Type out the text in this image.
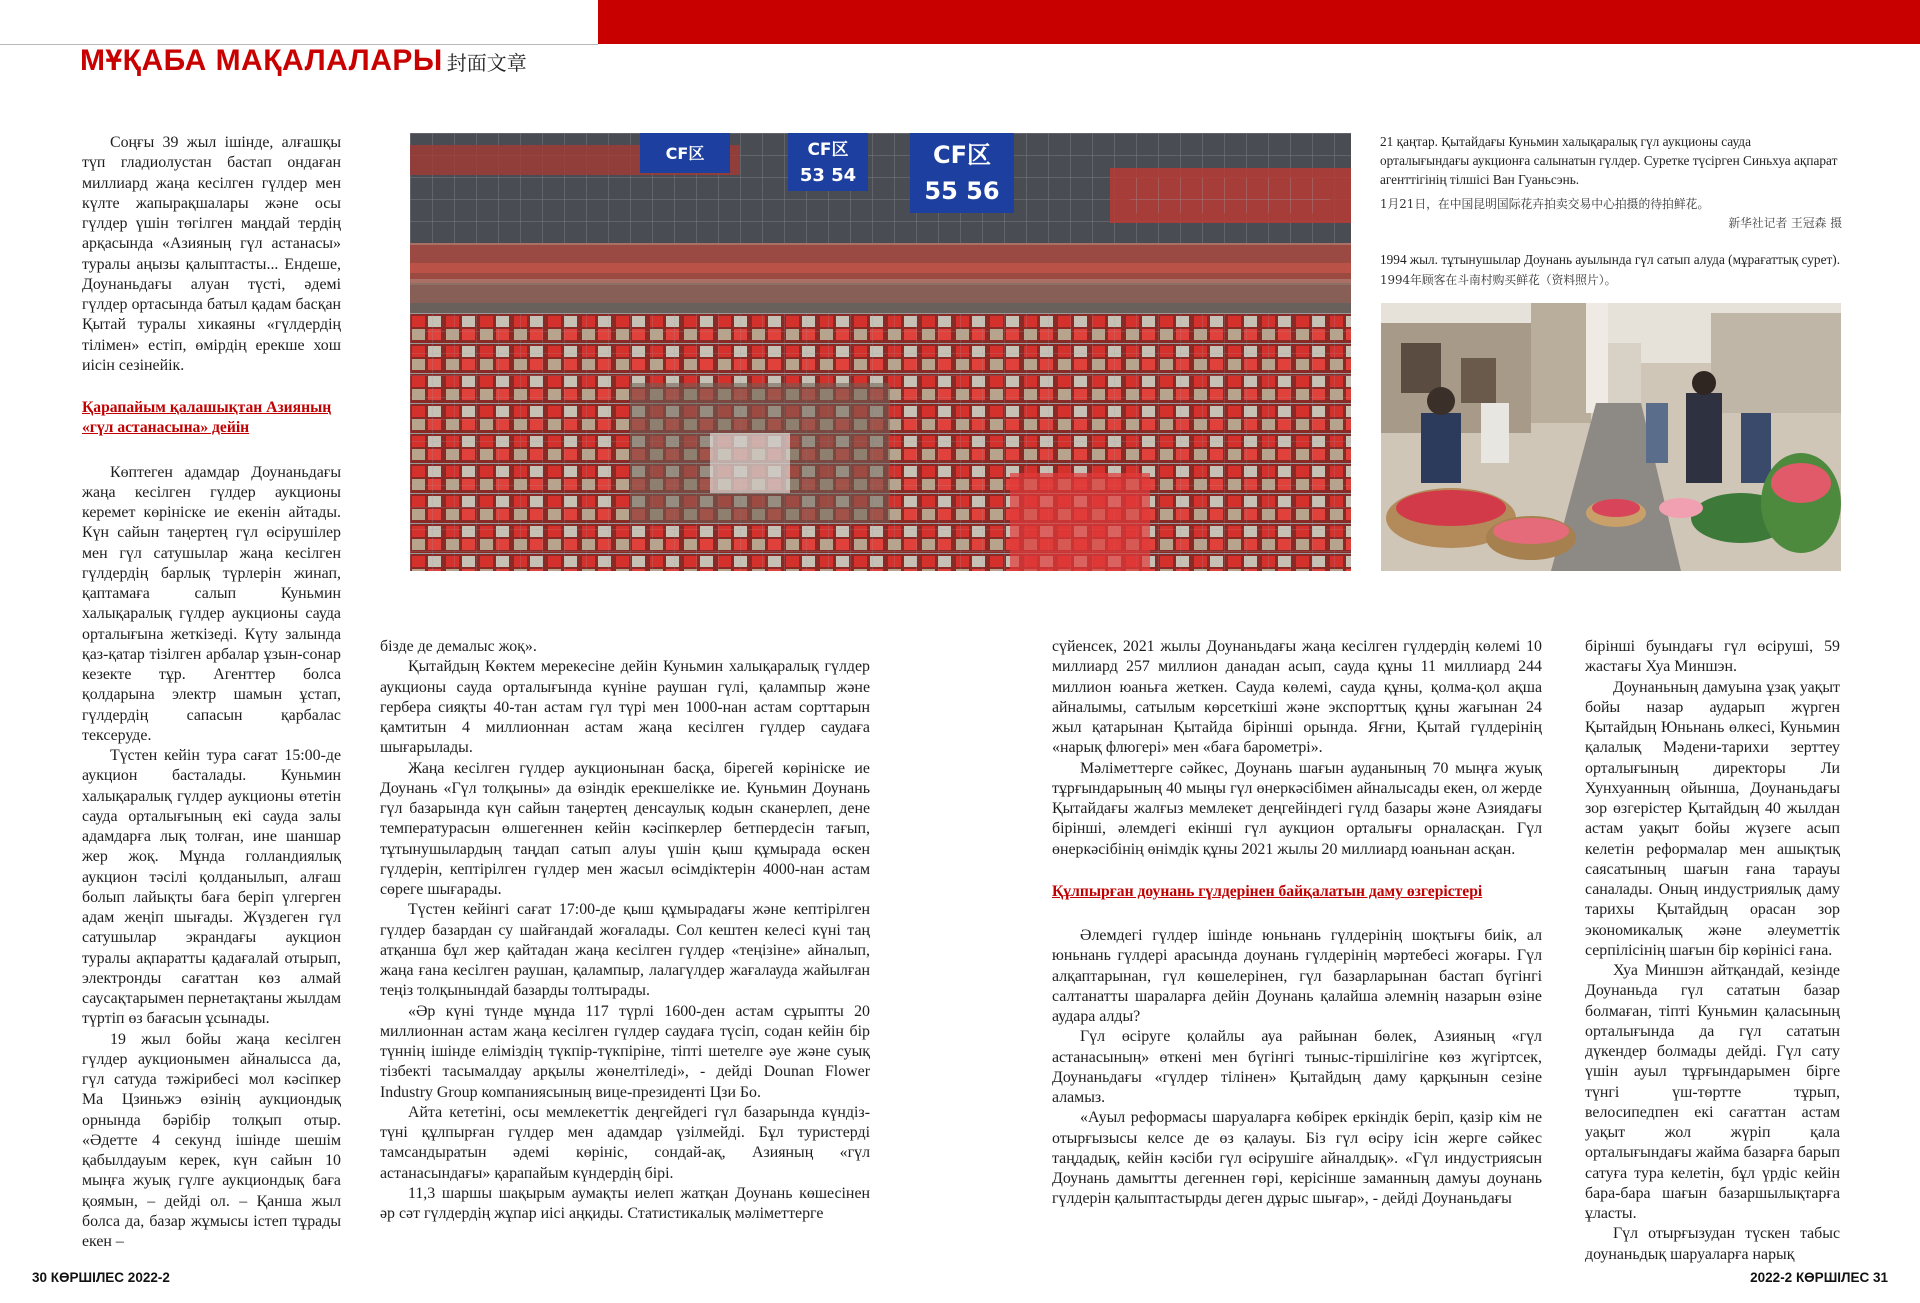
МҰҚАБА МАҚАЛАЛАРЫ 封面文章

Соңғы 39 жыл ішінде, алғашқы түп гладиолустан бастап ондаған миллиард жаңа кесілген гүлдер мен күлте жапырақшалары және осы гүлдер үшін төгілген маңдай тердің арқасында «Азияның гүл астанасы» туралы аңызы қалыптасты... Ендеше, Доунаньдағы алуан түсті, әдемі гүлдер ортасында батыл қадам басқан Қытай туралы хикаяны «гүлдердің тілімен» естіп, өмірдің ерекше хош иісін сезінейік.

Қарапайым қалашықтан Азияның «гүл астанасына» дейін

Көптеген адамдар Доунаньдағы жаңа кесілген гүлдер аукционы керемет көрініске ие екенін айтады. Күн сайын таңертең гүл өсірушілер мен гүл сатушылар жаңа кесілген гүлдердің барлық түрлерін жинап, қаптамаға салып Куньмин халықаралық гүлдер аукционы сауда орталығына жеткізеді. Күту залында қаз-қатар тізілген арбалар ұзын-сонар кезекте тұр. Агенттер болса қолдарына электр шамын ұстап, гүлдердің сапасын қарбалас тексеруде.

Түстен кейін тура сағат 15:00-де аукцион басталады. Куньмин халықаралық гүлдер аукционы өтетін сауда орталығының екі сауда залы адамдарға лық толған, ине шаншар жер жоқ. Мұнда голландиялық аукцион тәсілі қолданылып, алғаш болып лайықты баға беріп үлгерген адам жеңіп шығады. Жүздеген гүл сатушылар экрандағы аукцион туралы ақпаратты қадағалай отырып, электронды сағаттан көз алмай саусақтарымен пернетақтаны жылдам түртіп өз бағасын ұсынады.

19 жыл бойы жаңа кесілген гүлдер аукционымен айналысса да, гүл сатуда тәжірибесі мол кәсіпкер Ма Цзиньжэ өзінің аукциондық орнында бәрібір толқып отыр. «Әдетте 4 секунд ішінде шешім қабылдауым керек, күн сайын 10 мыңға жуық гүлге аукциондық баға қоямын, – дейді ол. – Қанша жыл болса да, базар жұмысы істеп тұрады екен –

бізде де демалыс жоқ».

Қытайдың Көктем мерекесіне дейін Куньмин халықаралық гүлдер аукционы сауда орталығында күніне раушан гүлі, қалампыр және гербера сияқты 40-тан астам гүл түрі мен 1000-нан астам сорттарын қамтитын 4 миллионнан астам жаңа кесілген гүлдер саудаға шығарылады.

Жаңа кесілген гүлдер аукционынан басқа, бірегей көрініске ие Доунань «Гүл толқыны» да өзіндік ерекшелікке ие. Куньмин Доунань гүл базарында күн сайын таңертең денсаулық кодын сканерлеп, дене температурасын өлшегеннен кейін кәсіпкерлер бетпердесін тағып, тұтынушылардың таңдап сатып алуы үшін қыш құмырада өскен гүлдерін, кептірілген гүлдер мен жасыл өсімдіктерін 4000-нан астам сөреге шығарады.

Түстен кейінгі сағат 17:00-де қыш құмырадағы және кептірілген гүлдер базардан су шайғандай жоғалады. Сол кештен келесі күні таң атқанша бұл жер қайтадан жаңа кесілген гүлдер «теңізіне» айналып, жаңа ғана кесілген раушан, қалампыр, лалагүлдер жағалауда жайылған теңіз толқынындай базарды толтырады.

«Әр күні түнде мұнда 117 түрлі 1600-ден астам сұрыпты 20 миллионнан астам жаңа кесілген гүлдер саудаға түсіп, содан кейін бір түннің ішінде еліміздің түкпір-түкпіріне, тіпті шетелге әуе және суық тізбекті тасымалдау арқылы жөнелтіледі», - дейді Dounan Flower Industry Group компаниясының вице-президенті Цзи Бо.

Айта кететіні, осы мемлекеттік деңгейдегі гүл базарында күндіз-түні құлпырған гүлдер мен адамдар үзілмейді. Бұл туристерді тамсандыратын әдемі көрініс, сондай-ақ, Азияның «гүл астанасындағы» қарапайым күндердің бірі.

11,3 шаршы шақырым аумақты иелеп жатқан Доунань көшесінен әр сәт гүлдердің жұпар иісі аңқиды. Статистикалық мәліметтерге

сүйенсек, 2021 жылы Доунаньдағы жаңа кесілген гүлдердің көлемі 10 миллиард 257 миллион данадан асып, сауда құны 11 миллиард 244 миллион юаньға жеткен. Сауда көлемі, сауда құны, қолма-қол ақша айналымы, сатылым көрсеткіші және экспорттық құны жағынан 24 жыл қатарынан Қытайда бірінші орында. Яғни, Қытай гүлдерінің «нарық флюгері» мен «баға барометрі».

Мәліметтерге сәйкес, Доунань шағын ауданының 70 мыңға жуық тұрғындарының 40 мыңы гүл өнеркәсібімен айналысады екен, ол жерде Қытайдағы жалғыз мемлекет деңгейіндегі гүлд базары және Азиядағы бірінші, әлемдегі екінші гүл аукцион орталығы орналасқан. Гүл өнеркәсібінің өнімдік құны 2021 жылы 20 миллиард юаньнан асқан.

Құлпырған доунань гүлдерінен байқалатын даму өзгерістері

Әлемдегі гүлдер ішінде юньнань гүлдерінің шоқтығы биік, ал юньнань гүлдері арасында доунань гүлдерінің мәртебесі жоғары. Гүл алқаптарынан, гүл көшелерінен, гүл базарларынан бастап бүгінгі салтанатты шараларға дейін Доунань қалайша әлемнің назарын өзіне аудара алды?

Гүл өсіруге қолайлы ауа райынан бөлек, Азияның «гүл астанасының» өткені мен бүгінгі тыныс-тіршілігіне көз жүгіртсек, Доунаньдағы «гүлдер тілінен» Қытайдың даму қарқынын сезіне аламыз.

«Ауыл реформасы шаруаларға көбірек еркіндік беріп, қазір кім не отырғызысы келсе де өз қалауы. Біз гүл өсіру ісін жерге сәйкес таңдадық, кейін кәсіби гүл өсірушіге айналдық». «Гүл индустриясын Доунань дамытты дегеннен гөрі, керісінше заманның дамуы доунань гүлдерін қалыптастырды деген дұрыс шығар», - дейді Доунаньдағы

бірінші буындағы гүл өсіруші, 59 жастағы Хуа Миншэн.

Доунаньның дамуына ұзақ уақыт бойы назар аударып жүрген Қытайдың Юньнань өлкесі, Куньмин қалалық Мәдени-тарихи зерттеу орталығының директоры Ли Хунхуанның ойынша, Доунаньдағы зор өзгерістер Қытайдың 40 жылдан астам уақыт бойы жүзеге асып келетін реформалар мен ашықтық саясатының шағын ғана тарауы саналады. Оның индустриялық даму тарихы Қытайдың орасан зор экономикалық және әлеуметтік серпілісінің шағын бір көрінісі ғана.

Хуа Миншэн айтқандай, кезінде Доунаньда гүл сататын базар болмаған, тіпті Куньмин қаласының орталығында да гүл сататын дүкендер болмады дейді. Гүл сату үшін ауыл тұрғындарымен бірге түнгі үш-төртте тұрып, велосипедпен екі сағаттан астам уақыт жол жүріп қала орталығындағы жайма базарға барып сатуға тура келетін, бұл үрдіс кейін бара-бара шағын базаршылықтарға ұласты.

Гүл отырғызудан түскен табыс доунаньдық шаруаларға нарық

CF区	CF区
53 54
CF区
55 56

21 қаңтар. Қытайдағы Куньмин халықаралық гүл аукционы сауда орталығындағы аукционға салынатын гүлдер. Суретке түсірген Синьхуа ақпарат агенттігінің тілшісі Ван Гуаньсэнь.

1月21日，在中国昆明国际花卉拍卖交易中心拍摄的待拍鲜花。

新华社记者 王冠森 摄

1994 жыл. тұтынушылар Доунань ауылында гүл сатып алуда (мұрағаттық сурет).

1994年顾客在斗南村购买鲜花（资料照片）。

30 КӨРШІЛЕС 2022-2	2022-2 КӨРШІЛЕС 31
